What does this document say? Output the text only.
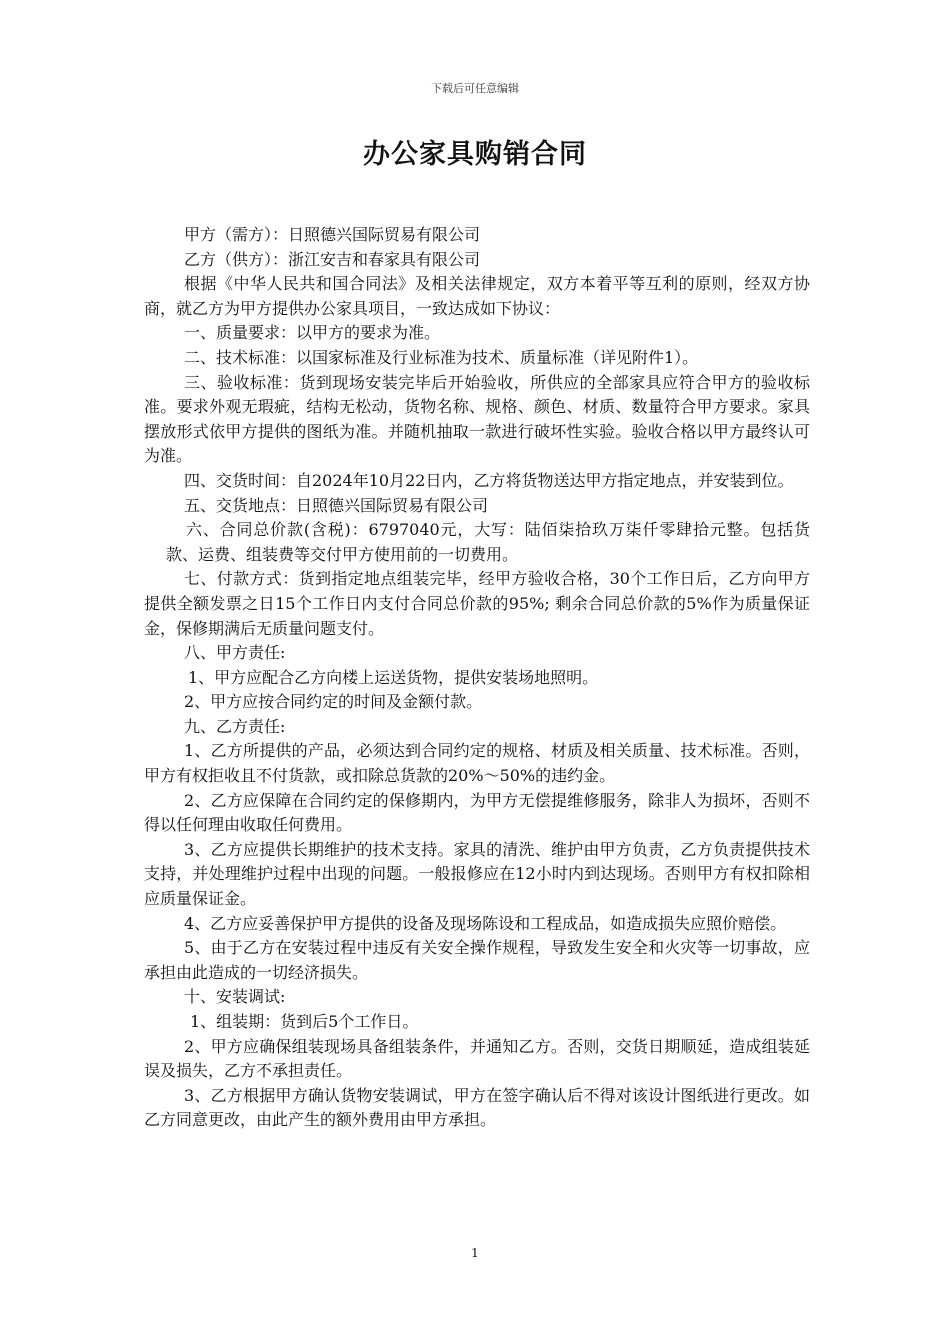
下载后可任意编辑
办公家具购销合同

甲方（需方）：日照德兴国际贸易有限公司

乙方（供方）：浙江安吉和春家具有限公司

根据《中华人民共和国合同法》及相关法律规定，双方本着平等互利的原则，经双方协商，就乙方为甲方提供办公家具项目，一致达成如下协议：

一、质量要求：以甲方的要求为准。

二、技术标准：以国家标准及行业标准为技术、质量标准（详见附件1）。

三、验收标准：货到现场安装完毕后开始验收，所供应的全部家具应符合甲方的验收标准。要求外观无瑕疵，结构无松动，货物名称、规格、颜色、材质、数量符合甲方要求。家具摆放形式依甲方提供的图纸为准。并随机抽取一款进行破坏性实验。验收合格以甲方最终认可为准。

四、交货时间：自2024年10月22日内，乙方将货物送达甲方指定地点，并安装到位。

五、交货地点：日照德兴国际贸易有限公司

六、合同总价款(含税)：6797040元，大写：陆佰柒拾玖万柒仟零肆拾元整。包括货款、运费、组装费等交付甲方使用前的一切费用。

七、付款方式：货到指定地点组装完毕，经甲方验收合格，30个工作日后，乙方向甲方提供全额发票之日15个工作日内支付合同总价款的95%; 剩余合同总价款的5%作为质量保证金，保修期满后无质量问题支付。

八、甲方责任:

1、甲方应配合乙方向楼上运送货物，提供安装场地照明。

2、甲方应按合同约定的时间及金额付款。

九、乙方责任:

1、乙方所提供的产品，必须达到合同约定的规格、材质及相关质量、技术标准。否则，甲方有权拒收且不付货款，或扣除总货款的20%～50%的违约金。

2、乙方应保障在合同约定的保修期内，为甲方无偿提维修服务，除非人为损坏，否则不得以任何理由收取任何费用。

3、乙方应提供长期维护的技术支持。家具的清洗、维护由甲方负责，乙方负责提供技术支持，并处理维护过程中出现的问题。一般报修应在12小时内到达现场。否则甲方有权扣除相应质量保证金。

4、乙方应妥善保护甲方提供的设备及现场陈设和工程成品，如造成损失应照价赔偿。

5、由于乙方在安装过程中违反有关安全操作规程，导致发生安全和火灾等一切事故，应承担由此造成的一切经济损失。

十、安装调试:

1、组装期：货到后5个工作日。

2、甲方应确保组装现场具备组装条件，并通知乙方。否则，交货日期顺延，造成组装延误及损失，乙方不承担责任。

3、乙方根据甲方确认货物安装调试，甲方在签字确认后不得对该设计图纸进行更改。如乙方同意更改，由此产生的额外费用由甲方承担。

1
